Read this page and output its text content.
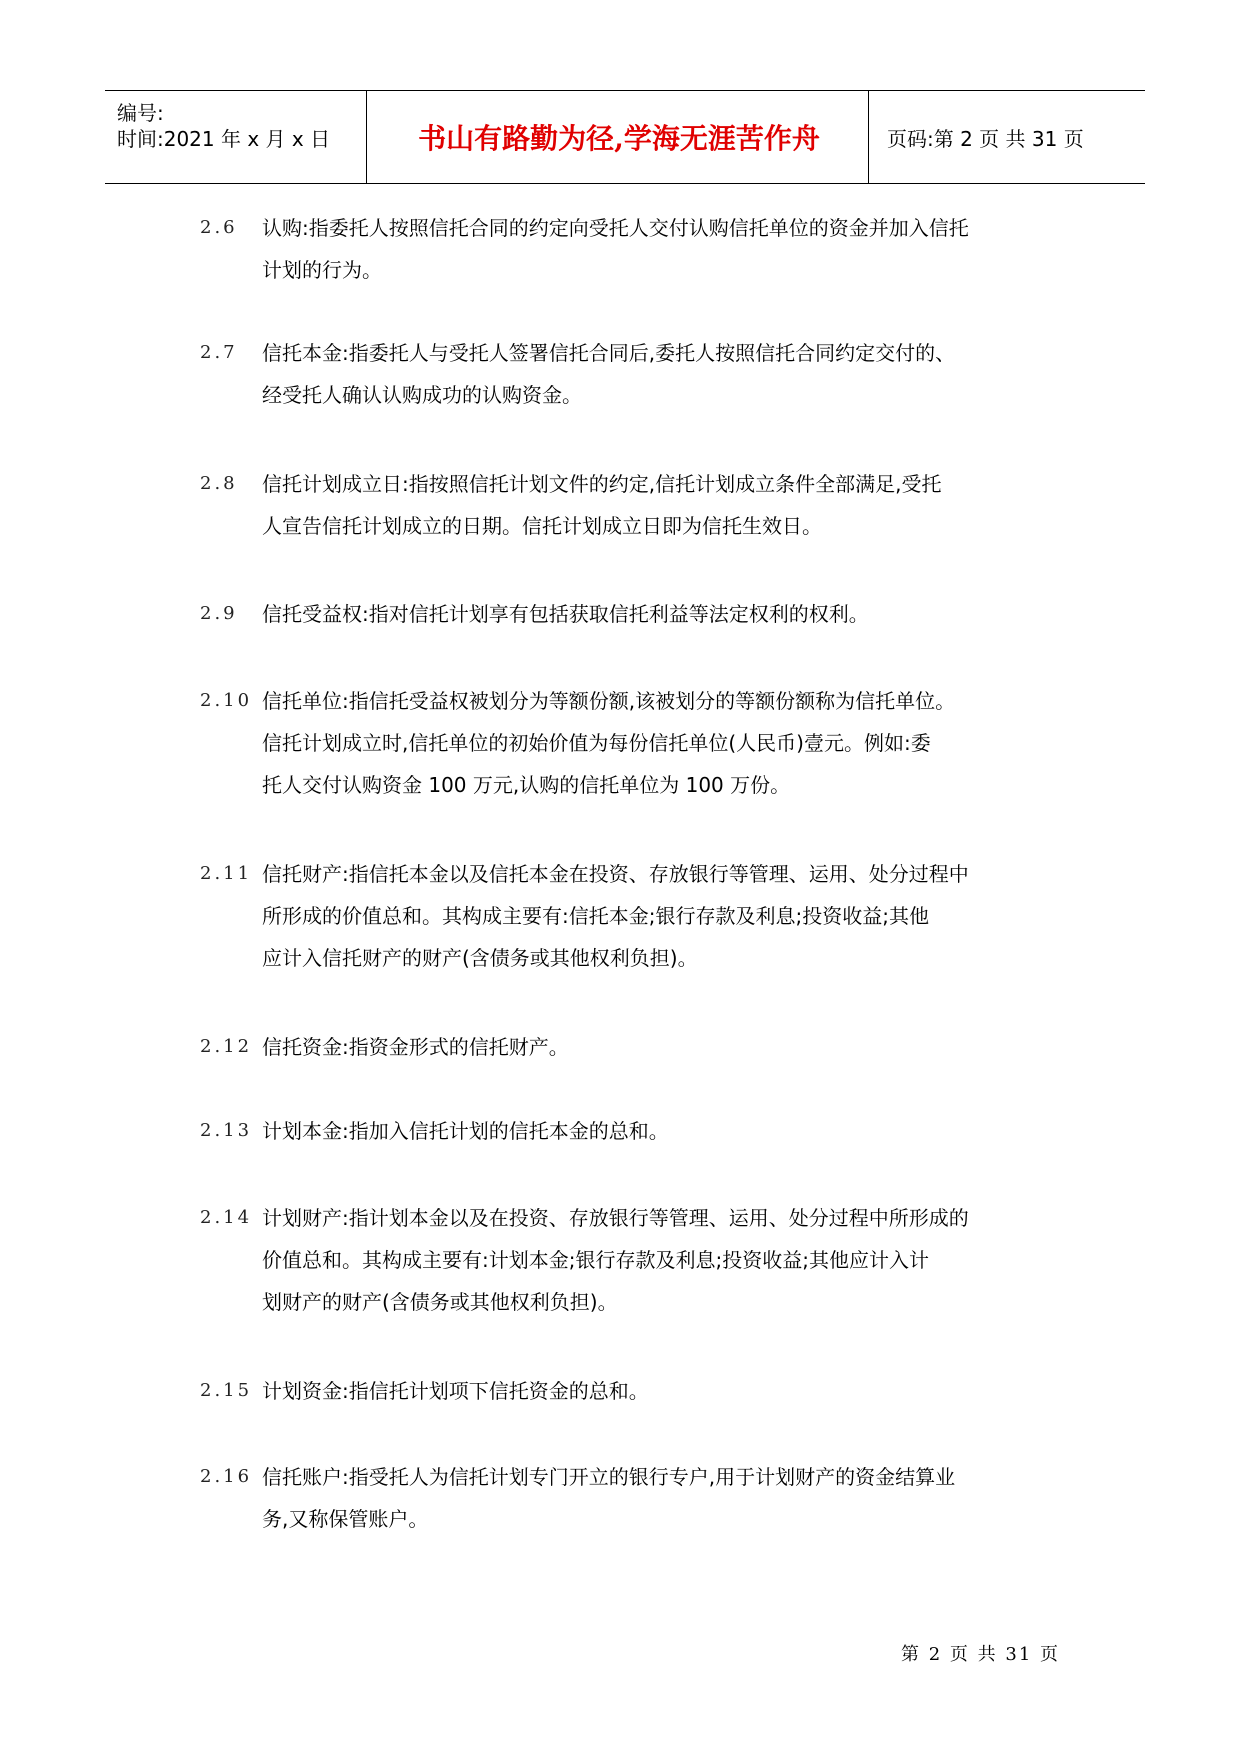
编号:
时间:2021 年 x 月 x 日	书山有路勤为径,学海无涯苦作舟	页码:第 2 页 共 31 页
2.6	认购:指委托人按照信托合同的约定向受托人交付认购信托单位的资金并加入信托
计划的行为。
2.7	信托本金:指委托人与受托人签署信托合同后,委托人按照信托合同约定交付的、
经受托人确认认购成功的认购资金。
2.8	信托计划成立日:指按照信托计划文件的约定,信托计划成立条件全部满足,受托
人宣告信托计划成立的日期。信托计划成立日即为信托生效日。
2.9	信托受益权:指对信托计划享有包括获取信托利益等法定权利的权利。
2.10 信托单位:指信托受益权被划分为等额份额,该被划分的等额份额称为信托单位。
信托计划成立时,信托单位的初始价值为每份信托单位(人民币)壹元。例如:委
托人交付认购资金 100 万元,认购的信托单位为 100 万份。
2.11 信托财产:指信托本金以及信托本金在投资、存放银行等管理、运用、处分过程中
所形成的价值总和。其构成主要有:信托本金;银行存款及利息;投资收益;其他
应计入信托财产的财产(含债务或其他权利负担)。
2.12 信托资金:指资金形式的信托财产。
2.13 计划本金:指加入信托计划的信托本金的总和。
2.14 计划财产:指计划本金以及在投资、存放银行等管理、运用、处分过程中所形成的
价值总和。其构成主要有:计划本金;银行存款及利息;投资收益;其他应计入计
划财产的财产(含债务或其他权利负担)。
2.15 计划资金:指信托计划项下信托资金的总和。
2.16 信托账户:指受托人为信托计划专门开立的银行专户,用于计划财产的资金结算业
务,又称保管账户。
第 2 页 共 31 页
